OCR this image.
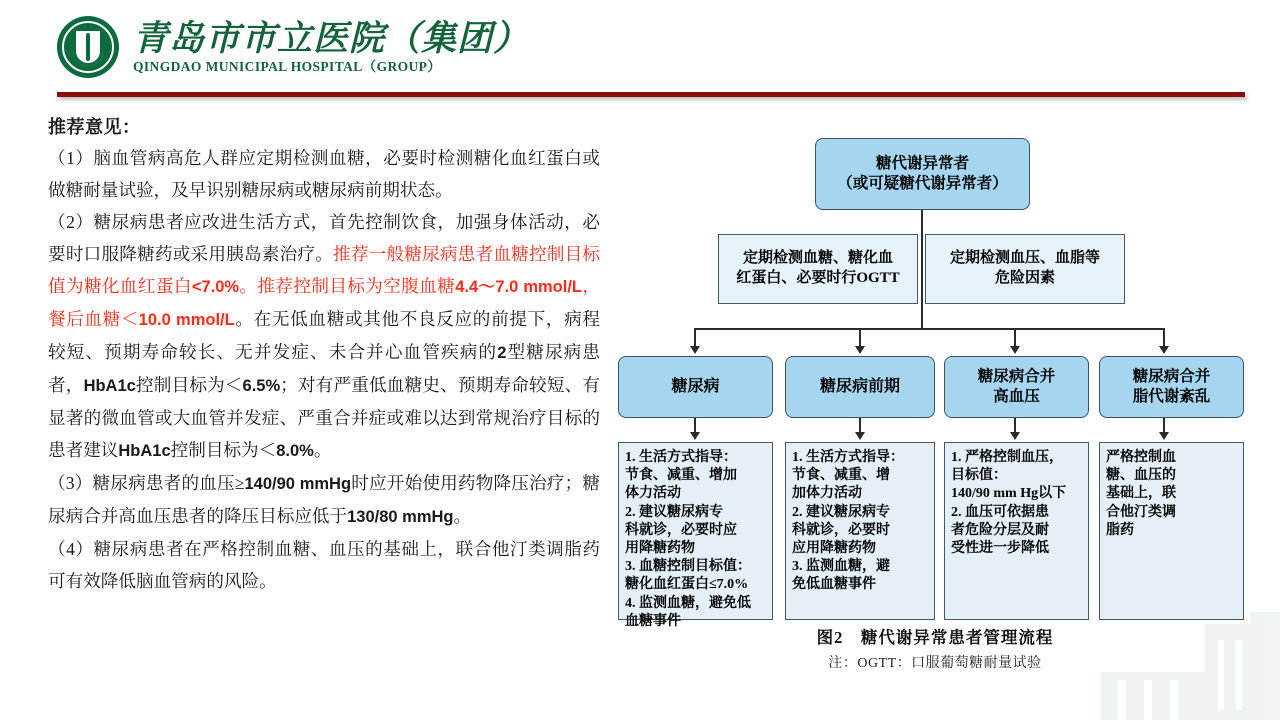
青岛市市立医院（集团）
QINGDAO MUNICIPAL HOSPITAL（GROUP）
推荐意见：
（1）脑血管病高危人群应定期检测血糖，必要时检测糖化血红蛋白或做糖耐量试验，及早识别糖尿病或糖尿病前期状态。
（2）糖尿病患者应改进生活方式，首先控制饮食，加强身体活动，必要时口服降糖药或采用胰岛素治疗。推荐一般糖尿病患者血糖控制目标值为糖化血红蛋白<7.0%。推荐控制目标为空腹血糖4.4～7.0 mmol/L，餐后血糖＜10.0 mmol/L。在无低血糖或其他不良反应的前提下，病程较短、预期寿命较长、无并发症、未合并心血管疾病的2型糖尿病患者，HbA1c控制目标为＜6.5%；对有严重低血糖史、预期寿命较短、有显著的微血管或大血管并发症、严重合并症或难以达到常规治疗目标的患者建议HbA1c控制目标为＜8.0%。
（3）糖尿病患者的血压≥140/90 mmHg时应开始使用药物降压治疗；糖尿病合并高血压患者的降压目标应低于130/80 mmHg。
（4）糖尿病患者在严格控制血糖、血压的基础上，联合他汀类调脂药可有效降低脑血管病的风险。
糖代谢异常者
（或可疑糖代谢异常者）
定期检测血糖、糖化血
红蛋白、必要时行OGTT
定期检测血压、血脂等
危险因素
糖尿病	糖尿病前期
糖尿病合并
高血压
糖尿病合并
脂代谢紊乱
1. 生活方式指导：
节食、减重、增加
体力活动
2. 建议糖尿病专
科就诊，必要时应
用降糖药物
3. 血糖控制目标值：
糖化血红蛋白≤7.0%
4. 监测血糖，避免低
血糖事件
1. 生活方式指导：
节食、减重、增
加体力活动
2. 建议糖尿病专
科就诊，必要时
应用降糖药物
3. 监测血糖，避
免低血糖事件
1. 严格控制血压，
目标值：
140/90 mm Hg以下
2. 血压可依据患
者危险分层及耐
受性进一步降低
严格控制血
糖、血压的
基础上，联
合他汀类调
脂药
图2　糖代谢异常患者管理流程
注：OGTT：口服葡萄糖耐量试验
